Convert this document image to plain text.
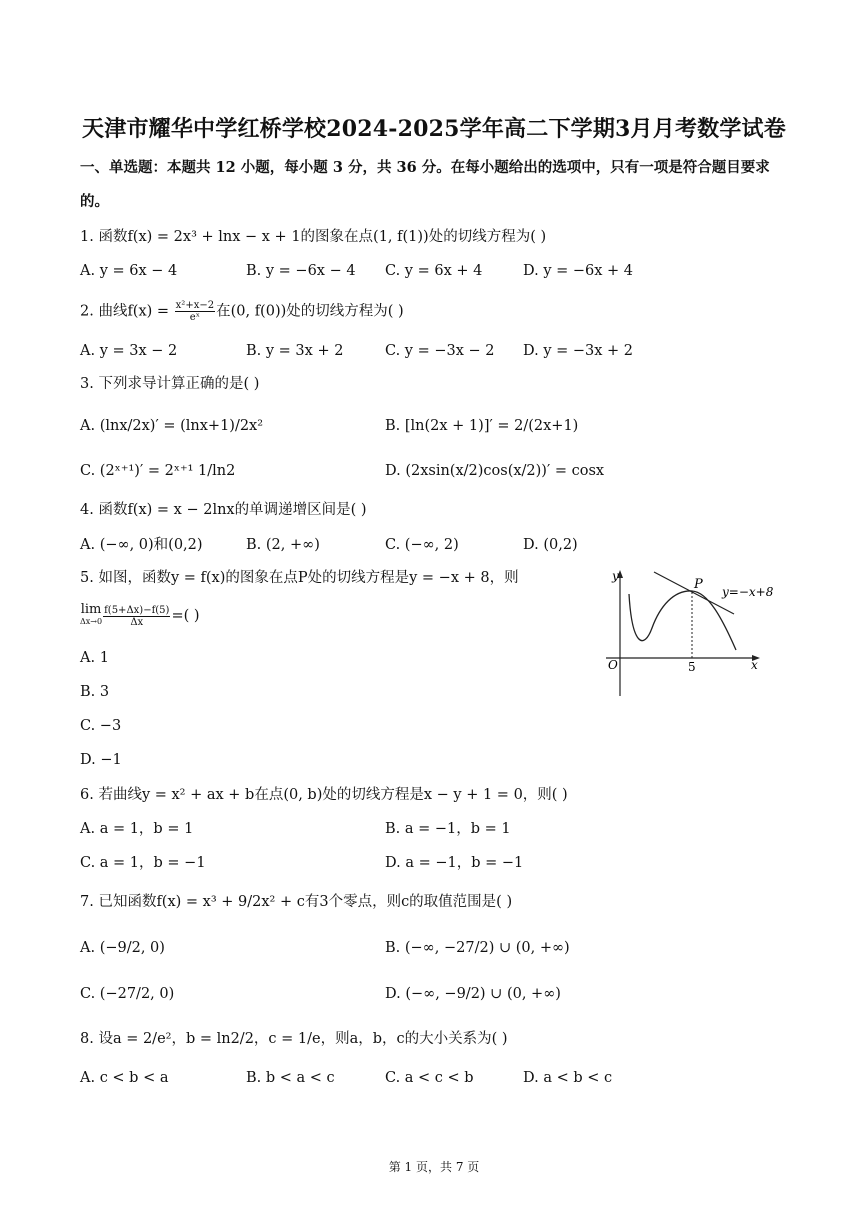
天津市耀华中学红桥学校2024-2025学年高二下学期3月月考数学试卷
一、单选题：本题共 12 小题，每小题 3 分，共 36 分。在每小题给出的选项中，只有一项是符合题目要求
的。
1. 函数f(x) = 2x³ + lnx − x + 1的图象在点(1, f(1))处的切线方程为( )
A. y = 6x − 4	B. y = −6x − 4 C. y = 6x + 4	D. y = −6x + 4
2. 曲线$f(x) = \frac{\text{x²+x−2}}{\text{eˣ}}$ 在(0, f(0))处的切线方程为( )
A. y = 3x − 2	B. y = 3x + 2	C. y = −3x − 2 D. y = −3x + 2
3. 下列求导计算正确的是( )
A. (lnx/2x)′ = (lnx+1)/2x²	B. [ln(2x + 1)]′ = 2/(2x+1)
C. (2ˣ⁺¹)′ = 2ˣ⁺¹ 1/ln2	D. (2xsin(x/2)cos(x/2))′ = cosx
4. 函数f(x) = x − 2lnx的单调递增区间是( )
A. (−∞, 0)和(0,2)	B. (2, +∞)	C. (−∞, 2)	D. (0,2)
5. 如图，函数y = f(x)的图象在点P处的切线方程是y = −x + 8，则
lim
$\Delta x\to 0 \frac{f(5+\Delta x)-f(5)}{\Delta x}$ =( )
A. 1
B. 3
C. −3
D. −1
y
x
O
P
5
y=−x+8
6. 若曲线y = x² + ax + b在点(0, b)处的切线方程是x − y + 1 = 0，则( )
A. a = 1，b = 1	B. a = −1，b = 1
C. a = 1，b = −1	D. a = −1，b = −1
7. 已知函数f(x) = x³ + 9/2x² + c有3个零点，则c的取值范围是( )
A. (−9/2, 0)	B. (−∞, −27/2) ∪ (0, +∞)
C. (−27/2, 0)	D. (−∞, −9/2) ∪ (0, +∞)
8. 设a = 2/e²，b = ln2/2，c = 1/e，则a，b，c的大小关系为( )
A. c < b < a	B. b < a < c	C. a < c < b	D. a < b < c
第 1 页，共 7 页
